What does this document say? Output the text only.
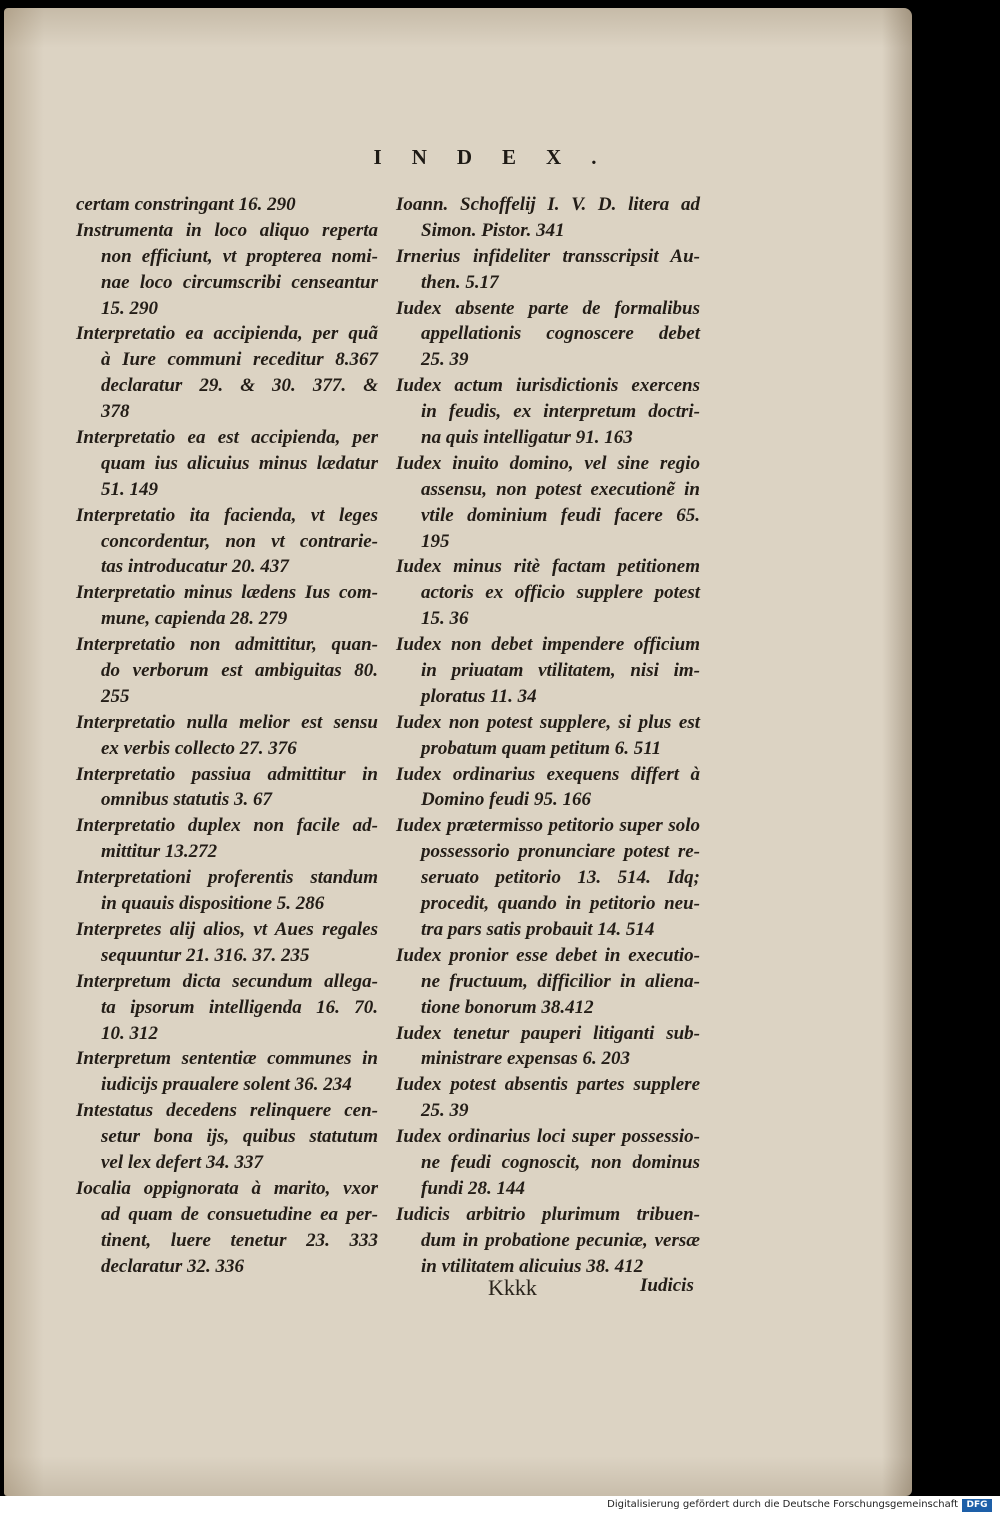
INDEX.
certam constringant 16. 290
Instrumenta in loco aliquo reperta
non efficiunt, vt propterea nomi-
nae loco circumscribi censeantur
15. 290
Interpretatio ea accipienda, per quã
à Iure communi receditur 8.367
declaratur 29. & 30. 377. &
378
Interpretatio ea est accipienda, per
quam ius alicuius minus lædatur
51. 149
Interpretatio ita facienda, vt leges
concordentur, non vt contrarie-
tas introducatur 20. 437
Interpretatio minus lædens Ius com-
mune, capienda 28. 279
Interpretatio non admittitur, quan-
do verborum est ambiguitas 80.
255
Interpretatio nulla melior est sensu
ex verbis collecto 27. 376
Interpretatio passiua admittitur in
omnibus statutis 3. 67
Interpretatio duplex non facile ad-
mittitur 13.272
Interpretationi proferentis standum
in quauis dispositione 5. 286
Interpretes alij alios, vt Aues regales
sequuntur 21. 316. 37. 235
Interpretum dicta secundum allega-
ta ipsorum intelligenda 16. 70.
10. 312
Interpretum sententiæ communes in
iudicijs praualere solent 36. 234
Intestatus decedens relinquere cen-
setur bona ijs, quibus statutum
vel lex defert 34. 337
Iocalia oppignorata à marito, vxor
ad quam de consuetudine ea per-
tinent, luere tenetur 23. 333
declaratur 32. 336
Ioann. Schoffelij I. V. D. litera ad
Simon. Pistor. 341
Irnerius infideliter transscripsit Au-
then. 5.17
Iudex absente parte de formalibus
appellationis cognoscere debet
25. 39
Iudex actum iurisdictionis exercens
in feudis, ex interpretum doctri-
na quis intelligatur 91. 163
Iudex inuito domino, vel sine regio
assensu, non potest executionẽ in
vtile dominium feudi facere 65.
195
Iudex minus ritè factam petitionem
actoris ex officio supplere potest
15. 36
Iudex non debet impendere officium
in priuatam vtilitatem, nisi im-
ploratus 11. 34
Iudex non potest supplere, si plus est
probatum quam petitum 6. 511
Iudex ordinarius exequens differt à
Domino feudi 95. 166
Iudex prætermisso petitorio super solo
possessorio pronunciare potest re-
seruato petitorio 13. 514. Idq;
procedit, quando in petitorio neu-
tra pars satis probauit 14. 514
Iudex pronior esse debet in executio-
ne fructuum, difficilior in aliena-
tione bonorum 38.412
Iudex tenetur pauperi litiganti sub-
ministrare expensas 6. 203
Iudex potest absentis partes supplere
25. 39
Iudex ordinarius loci super possessio-
ne feudi cognoscit, non dominus
fundi 28. 144
Iudicis arbitrio plurimum tribuen-
dum in probatione pecuniæ, versæ
in vtilitatem alicuius 38. 412
Kkkk	Iudicis
Digitalisierung gefördert durch die Deutsche Forschungsgemeinschaft DFG
